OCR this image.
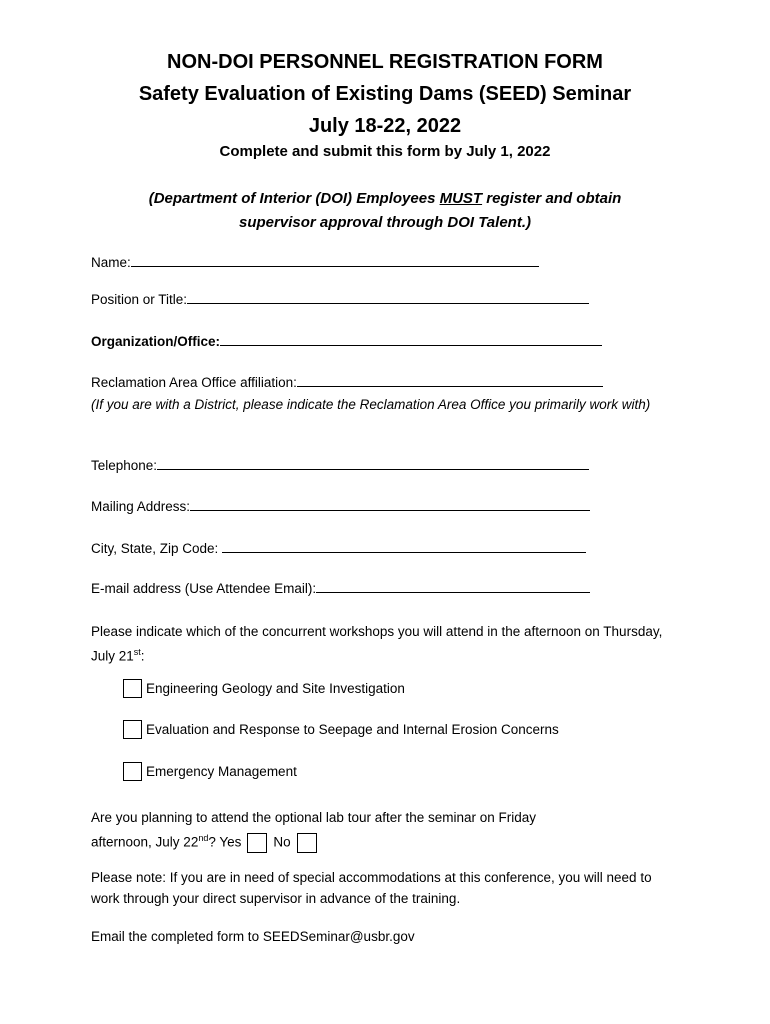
NON-DOI PERSONNEL REGISTRATION FORM
Safety Evaluation of Existing Dams (SEED) Seminar
July 18-22, 2022
Complete and submit this form by July 1, 2022
(Department of Interior (DOI) Employees MUST register and obtain
supervisor approval through DOI Talent.)
Name:
Position or Title:
Organization/Office:
Reclamation Area Office affiliation:
(If you are with a District, please indicate the Reclamation Area Office you primarily work with)
Telephone:
Mailing Address:
City, State, Zip Code:
E-mail address (Use Attendee Email):
Please indicate which of the concurrent workshops you will attend in the afternoon on Thursday, July 21st:
Engineering Geology and Site Investigation
Evaluation and Response to Seepage and Internal Erosion Concerns
Emergency Management
Are you planning to attend the optional lab tour after the seminar on Friday
afternoon, July 22nd? Yes No
Please note: If you are in need of special accommodations at this conference, you will need to work through your direct supervisor in advance of the training.
Email the completed form to SEEDSeminar@usbr.gov
